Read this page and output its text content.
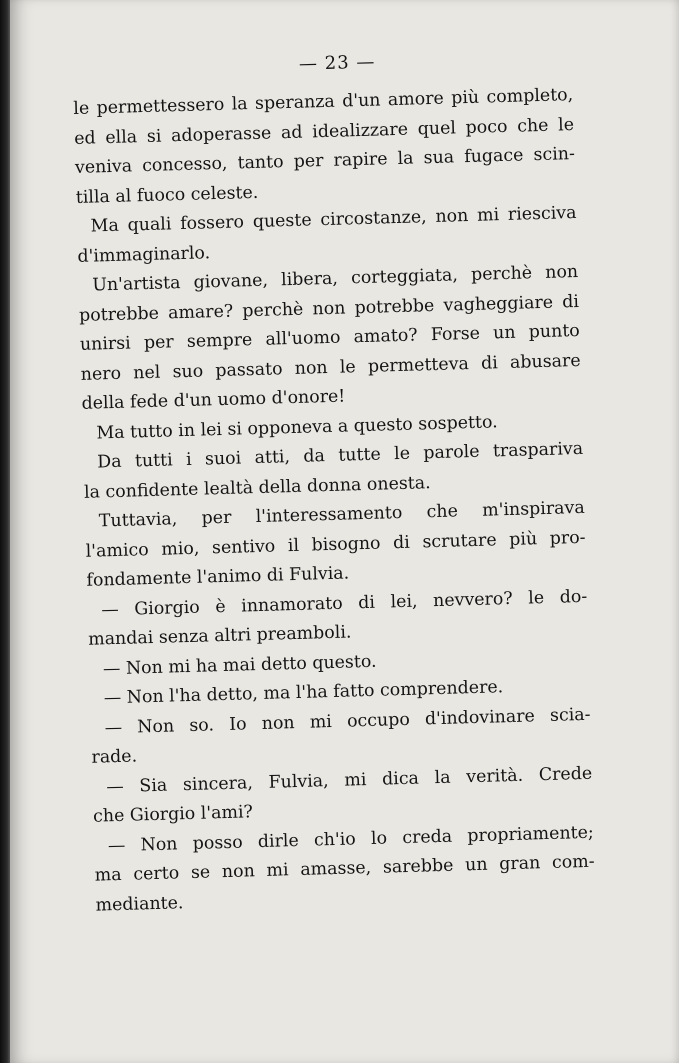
— 23 —
le permettessero la speranza d'un amore più completo,
ed ella si adoperasse ad idealizzare quel poco che le
veniva concesso, tanto per rapire la sua fugace scin-
tilla al fuoco celeste.
Ma quali fossero queste circostanze, non mi riesciva
d'immaginarlo.
Un'artista giovane, libera, corteggiata, perchè non
potrebbe amare? perchè non potrebbe vagheggiare di
unirsi per sempre all'uomo amato? Forse un punto
nero nel suo passato non le permetteva di abusare
della fede d'un uomo d'onore!
Ma tutto in lei si opponeva a questo sospetto.
Da tutti i suoi atti, da tutte le parole traspariva
la confidente lealtà della donna onesta.
Tuttavia, per l'interessamento che m'inspirava
l'amico mio, sentivo il bisogno di scrutare più pro-
fondamente l'animo di Fulvia.
— Giorgio è innamorato di lei, nevvero? le do-
mandai senza altri preamboli.
— Non mi ha mai detto questo.
— Non l'ha detto, ma l'ha fatto comprendere.
— Non so. Io non mi occupo d'indovinare scia-
rade.
— Sia sincera, Fulvia, mi dica la verità. Crede
che Giorgio l'ami?
— Non posso dirle ch'io lo creda propriamente;
ma certo se non mi amasse, sarebbe un gran com-
mediante.
